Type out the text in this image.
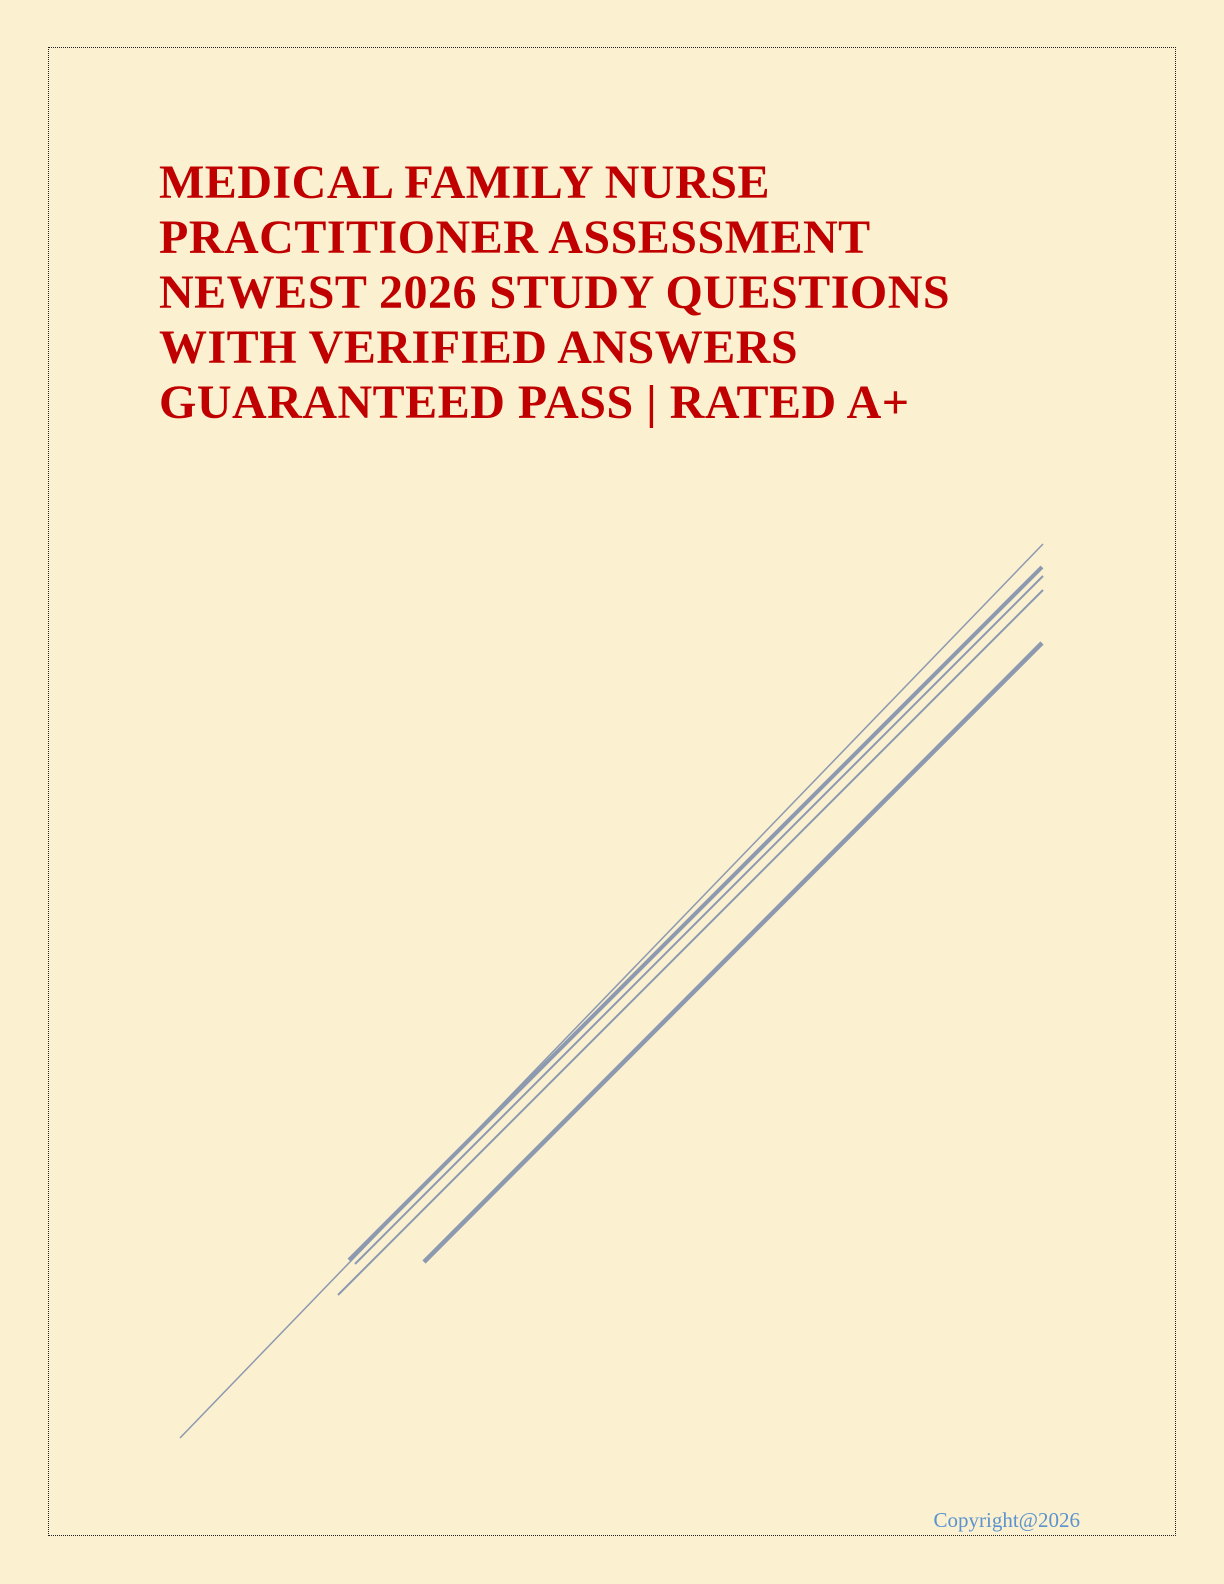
MEDICAL FAMILY NURSE
PRACTITIONER ASSESSMENT
NEWEST 2026 STUDY QUESTIONS
WITH VERIFIED ANSWERS
GUARANTEED PASS | RATED A+
Copyright@2026
